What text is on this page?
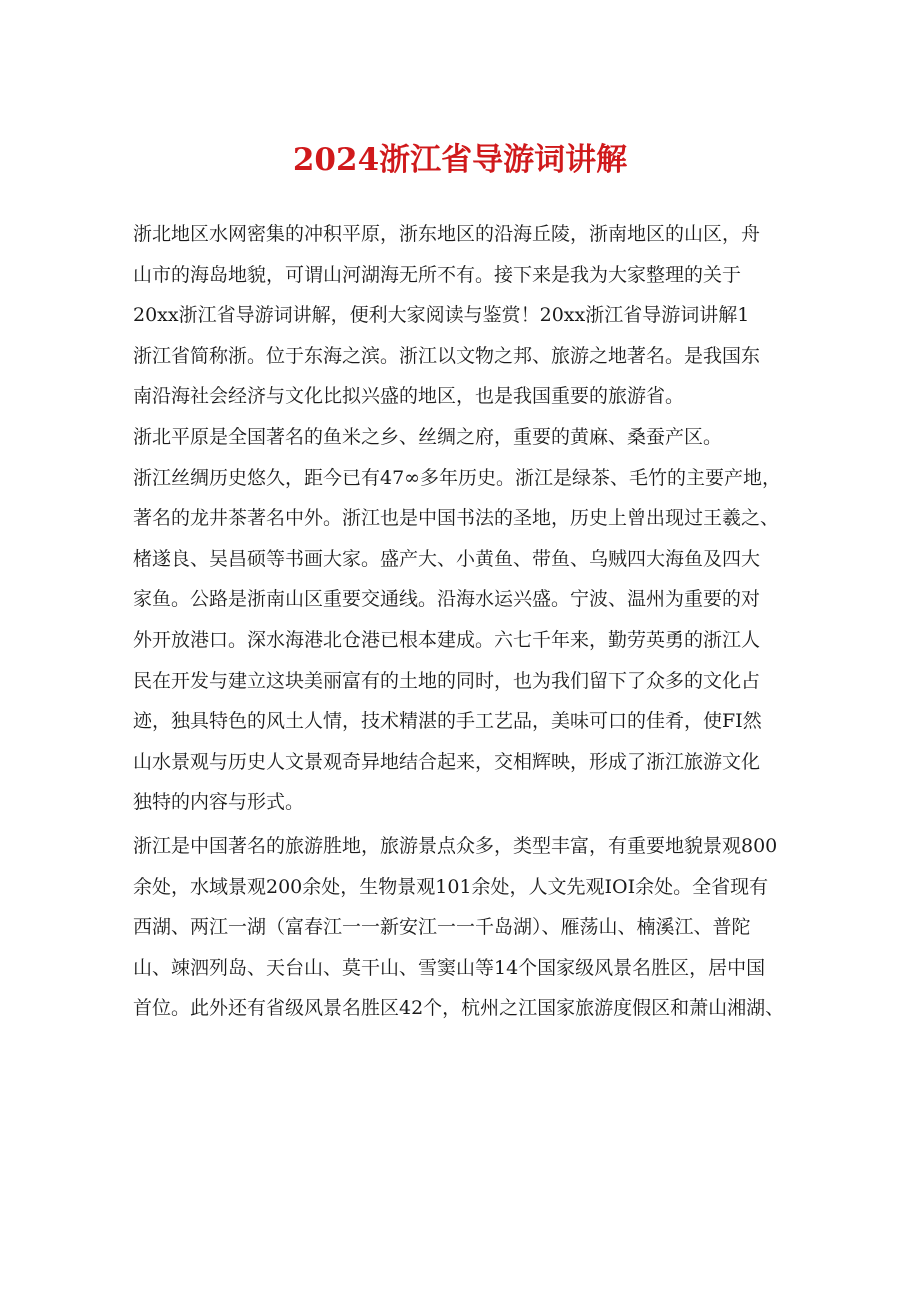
2024浙江省导游词讲解
浙北地区水网密集的冲积平原，浙东地区的沿海丘陵，浙南地区的山区，舟
山市的海岛地貌，可谓山河湖海无所不有。接下来是我为大家整理的关于
20xx浙江省导游词讲解，便利大家阅读与鉴赏！20xx浙江省导游词讲解1
浙江省简称浙。位于东海之滨。浙江以文物之邦、旅游之地著名。是我国东
南沿海社会经济与文化比拟兴盛的地区，也是我国重要的旅游省。
浙北平原是全国著名的鱼米之乡、丝绸之府，重要的黄麻、桑蚕产区。
浙江丝绸历史悠久，距今已有47∞多年历史。浙江是绿茶、毛竹的主要产地，
著名的龙井茶著名中外。浙江也是中国书法的圣地，历史上曾出现过王羲之、
楮遂良、吴昌硕等书画大家。盛产大、小黄鱼、带鱼、乌贼四大海鱼及四大
家鱼。公路是浙南山区重要交通线。沿海水运兴盛。宁波、温州为重要的对
外开放港口。深水海港北仓港已根本建成。六七千年来，勤劳英勇的浙江人
民在开发与建立这块美丽富有的土地的同时，也为我们留下了众多的文化占
迹，独具特色的风土人情，技术精湛的手工艺品，美味可口的佳肴，使FI然
山水景观与历史人文景观奇异地结合起来，交相辉映，形成了浙江旅游文化
独特的内容与形式。
浙江是中国著名的旅游胜地，旅游景点众多，类型丰富，有重要地貌景观800
余处，水域景观200余处，生物景观101余处，人文先观IOI余处。全省现有
西湖、两江一湖（富春江一一新安江一一千岛湖）、雁荡山、楠溪江、普陀
山、竦泗列岛、天台山、莫干山、雪窦山等14个国家级风景名胜区，居中国
首位。此外还有省级风景名胜区42个，杭州之江国家旅游度假区和萧山湘湖、
